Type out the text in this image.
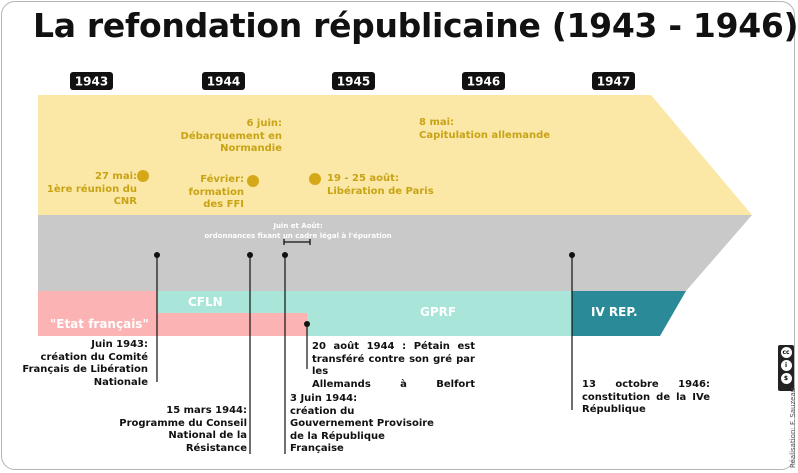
La refondation républicaine (1943 - 1946)
1943	1944	1945	1946	1947
27 mai:
1ère réunion du
CNR
Février:
formation
des FFI
6 juin:
Débarquement en
Normandie
19 - 25 août:
Libération de Paris
8 mai:
Capitulation allemande
Juin et Août:
ordonnances fixant un cadre légal à l'épuration
"Etat français"
CFLN
GPRF	IV REP.
Juin 1943:
création du Comité
Français de Libération
Nationale
15 mars 1944:
Programme du Conseil
National de la
Résistance
3 Juin 1944:
création du
Gouvernement Provisoire
de la République
Française
20 août 1944 : Pétain est
transféré contre son gré par les
Allemands à Belfort	13 octobre 1946:
constitution de la IVe
République
cc
i
$
Réalisation: F. Sauzeau
